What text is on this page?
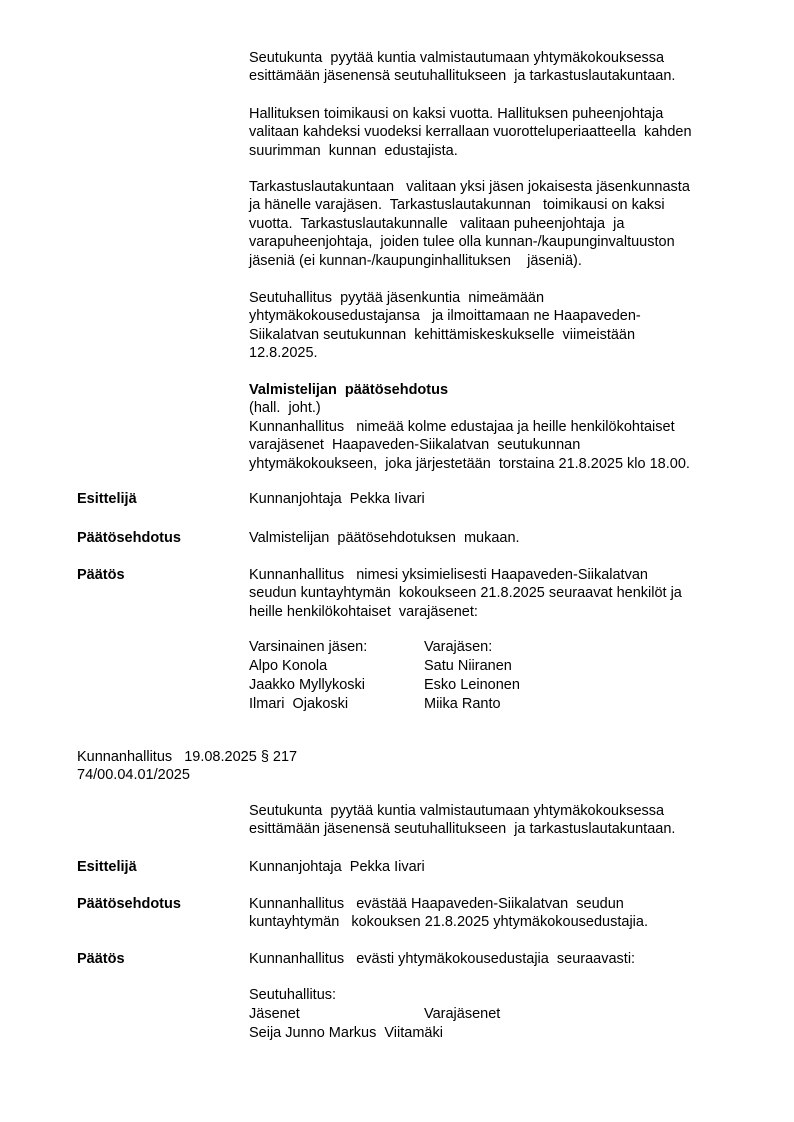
Seutukunta  pyytää kuntia valmistautumaan yhtymäkokouksessa
esittämään jäsenensä seutuhallitukseen  ja tarkastuslautakuntaan.
Hallituksen toimikausi on kaksi vuotta. Hallituksen puheenjohtaja
valitaan kahdeksi vuodeksi kerrallaan vuorotteluperiaatteella  kahden
suurimman  kunnan  edustajista.
Tarkastuslautakuntaan   valitaan yksi jäsen jokaisesta jäsenkunnasta
ja hänelle varajäsen.  Tarkastuslautakunnan   toimikausi on kaksi
vuotta.  Tarkastuslautakunnalle   valitaan puheenjohtaja  ja
varapuheenjohtaja,  joiden tulee olla kunnan-/kaupunginvaltuuston
jäseniä (ei kunnan-/kaupunginhallituksen    jäseniä).
Seutuhallitus  pyytää jäsenkuntia  nimeämään
yhtymäkokousedustajansa   ja ilmoittamaan ne Haapaveden-
Siikalatvan seutukunnan  kehittämiskeskukselle  viimeistään
12.8.2025.
Valmistelijan  päätösehdotus
(hall.  joht.)
Kunnanhallitus   nimeää kolme edustajaa ja heille henkilökohtaiset
varajäsenet  Haapaveden-Siikalatvan  seutukunnan
yhtymäkokoukseen,  joka järjestetään  torstaina 21.8.2025 klo 18.00.
Esittelijä	Kunnanjohtaja  Pekka Iivari
Päätösehdotus	Valmistelijan  päätösehdotuksen  mukaan.
Päätös	Kunnanhallitus   nimesi yksimielisesti Haapaveden-Siikalatvan
seudun kuntayhtymän  kokoukseen 21.8.2025 seuraavat henkilöt ja
heille henkilökohtaiset  varajäsenet:
Varsinainen jäsen:	Varajäsen:
Alpo Konola	Satu Niiranen
Jaakko Myllykoski	Esko Leinonen
Ilmari  Ojakoski	Miika Ranto
Kunnanhallitus   19.08.2025 § 217
74/00.04.01/2025
Seutukunta  pyytää kuntia valmistautumaan yhtymäkokouksessa
esittämään jäsenensä seutuhallitukseen  ja tarkastuslautakuntaan.
Esittelijä	Kunnanjohtaja  Pekka Iivari
Päätösehdotus	Kunnanhallitus   evästää Haapaveden-Siikalatvan  seudun
kuntayhtymän   kokouksen 21.8.2025 yhtymäkokousedustajia.
Päätös	Kunnanhallitus   evästi yhtymäkokousedustajia  seuraavasti:
Seutuhallitus:
Jäsenet	Varajäsenet
Seija Junno Markus  Viitamäki
